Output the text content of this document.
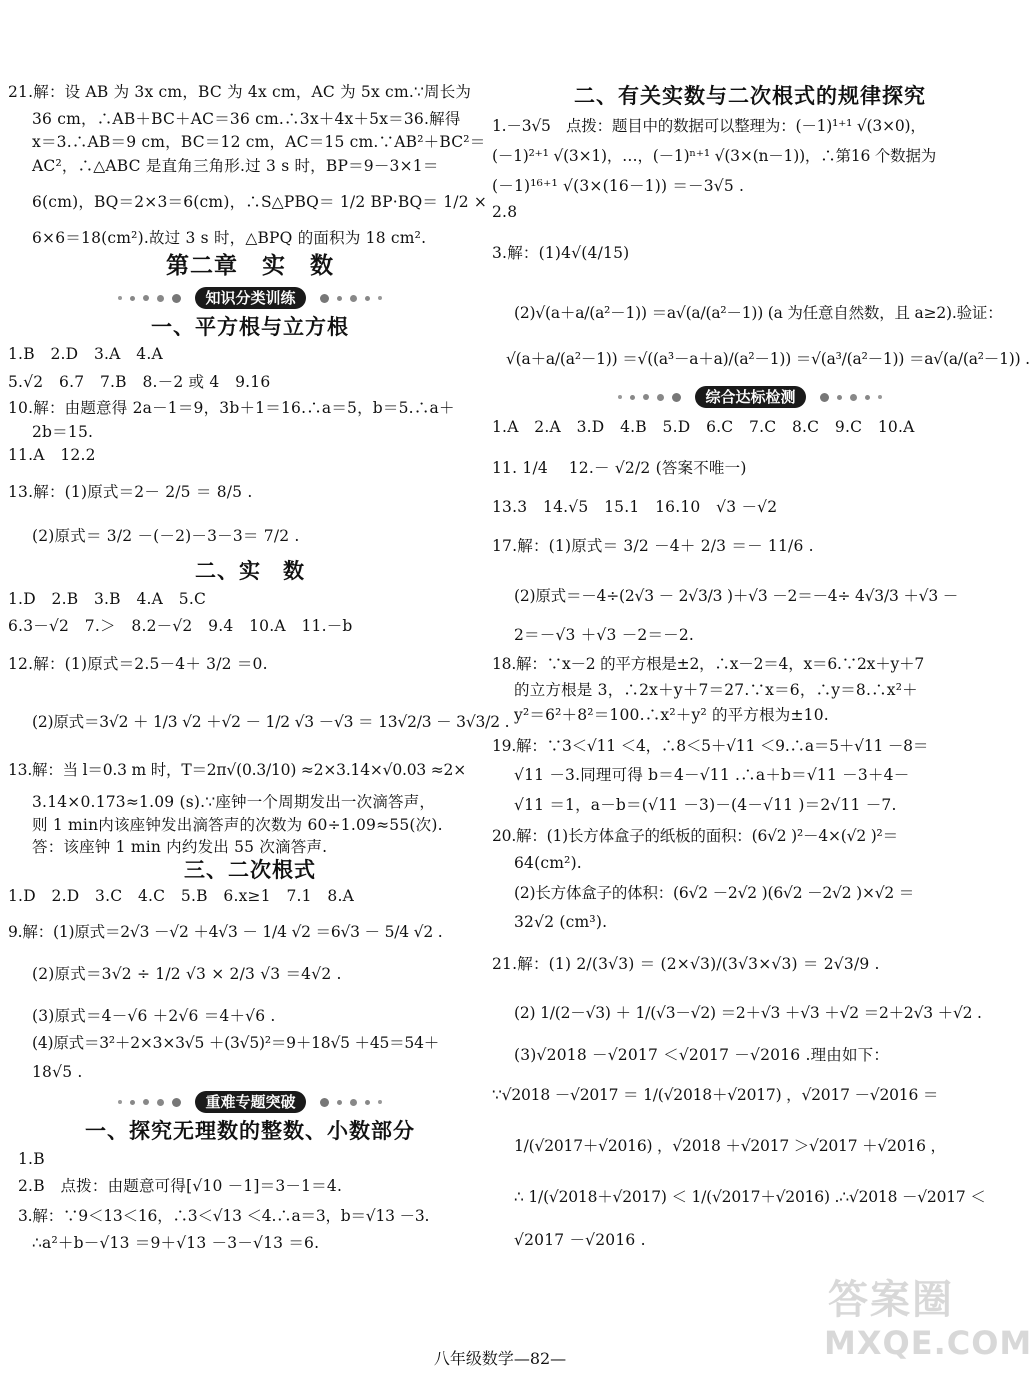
21.解：设 AB 为 3x cm，BC 为 4x cm，AC 为 5x cm.∵周长为
36 cm，∴AB＋BC＋AC＝36 cm.∴3x＋4x＋5x＝36.解得
x＝3.∴AB＝9 cm，BC＝12 cm，AC＝15 cm.∵AB²＋BC²＝
AC²，∴△ABC 是直角三角形.过 3 s 时，BP＝9－3×1＝
6(cm)，BQ＝2×3＝6(cm)，∴S△PBQ＝ 1/2 BP·BQ＝ 1/2 ×
6×6＝18(cm²).故过 3 s 时，△BPQ 的面积为 18 cm².
第二章　实　数
知识分类训练
一、平方根与立方根
1.B　2.D　3.A　4.A
5.√2　6.7　7.B　8.－2 或 4　9.16
10.解：由题意得 2a－1＝9，3b＋1＝16.∴a＝5，b＝5.∴a＋
2b＝15.
11.A　12.2
13.解：(1)原式＝2－ 2/5 ＝ 8/5 .
(2)原式＝ 3/2 －(－2)－3－3＝ 7/2 .
二、实　数
1.D　2.B　3.B　4.A　5.C
6.3－√2　7.＞　8.2－√2　9.4　10.A　11.－b
12.解：(1)原式＝2.5－4＋ 3/2 ＝0.
(2)原式＝3√2 ＋ 1/3 √2 ＋√2 － 1/2 √3 －√3 ＝ 13√2/3 － 3√3/2 .
13.解：当 l＝0.3 m 时，T＝2π√(0.3/10) ≈2×3.14×√0.03 ≈2×
3.14×0.173≈1.09 (s).∵座钟一个周期发出一次滴答声，
则 1 min内该座钟发出滴答声的次数为 60÷1.09≈55(次).
答：该座钟 1 min 内约发出 55 次滴答声.
三、二次根式
1.D　2.D　3.C　4.C　5.B　6.x≥1　7.1　8.A
9.解：(1)原式＝2√3 －√2 ＋4√3 － 1/4 √2 ＝6√3 － 5/4 √2 .
(2)原式＝3√2 ÷ 1/2 √3 × 2/3 √3 ＝4√2 .
(3)原式＝4－√6 ＋2√6 ＝4＋√6 .
(4)原式＝3²＋2×3×3√5 ＋(3√5)²＝9＋18√5 ＋45＝54＋
18√5 .
重难专题突破
一、探究无理数的整数、小数部分
1.B
2.B　点拨：由题意可得[√10 －1]＝3－1＝4.
3.解：∵9＜13＜16，∴3＜√13 ＜4.∴a＝3，b＝√13 －3.
∴a²＋b－√13 ＝9＋√13 －3－√13 ＝6.
二、有关实数与二次根式的规律探究
1.－3√5　点拨：题目中的数据可以整理为：(－1)¹⁺¹ √(3×0)，
(－1)²⁺¹ √(3×1)，…，(－1)ⁿ⁺¹ √(3×(n－1))，∴第16 个数据为
(－1)¹⁶⁺¹ √(3×(16－1)) ＝－3√5 .
2.8
3.解：(1)4√(4/15)
(2)√(a＋a/(a²－1)) ＝a√(a/(a²－1)) (a 为任意自然数，且 a≥2).验证：
√(a＋a/(a²－1)) ＝√((a³－a＋a)/(a²－1)) ＝√(a³/(a²－1)) ＝a√(a/(a²－1)) .
综合达标检测
1.A　2.A　3.D　4.B　5.D　6.C　7.C　8.C　9.C　10.A
11. 1/4 　12.－ √2/2 (答案不唯一)
13.3　14.√5　15.1　16.10　√3 －√2
17.解：(1)原式＝ 3/2 －4＋ 2/3 ＝－ 11/6 .
(2)原式＝－4÷(2√3 － 2√3/3 )＋√3 －2＝－4÷ 4√3/3 ＋√3 －
2＝－√3 ＋√3 －2＝－2.
18.解：∵x－2 的平方根是±2，∴x－2＝4，x＝6.∵2x＋y＋7
的立方根是 3，∴2x＋y＋7＝27.∵x＝6，∴y＝8.∴x²＋
y²＝6²＋8²＝100.∴x²＋y² 的平方根为±10.
19.解：∵3＜√11 ＜4，∴8＜5＋√11 ＜9.∴a＝5＋√11 －8＝
√11 －3.同理可得 b＝4－√11 .∴a＋b＝√11 －3＋4－
√11 ＝1，a－b＝(√11 －3)－(4－√11 )＝2√11 －7.
20.解：(1)长方体盒子的纸板的面积：(6√2 )²－4×(√2 )²＝
64(cm²).
(2)长方体盒子的体积：(6√2 －2√2 )(6√2 －2√2 )×√2 ＝
32√2 (cm³).
21.解：(1) 2/(3√3) ＝ (2×√3)/(3√3×√3) ＝ 2√3/9 .
(2) 1/(2－√3) ＋ 1/(√3－√2) ＝2＋√3 ＋√3 ＋√2 ＝2＋2√3 ＋√2 .
(3)√2018 －√2017 ＜√2017 －√2016 .理由如下：
∵√2018 －√2017 ＝ 1/(√2018＋√2017) ，√2017 －√2016 ＝
1/(√2017＋√2016) ，√2018 ＋√2017 ＞√2017 ＋√2016 ，
∴ 1/(√2018＋√2017) ＜ 1/(√2017＋√2016) .∴√2018 －√2017 ＜
√2017 －√2016 .
八年级数学—82—
答案圈
MXQE.COM
